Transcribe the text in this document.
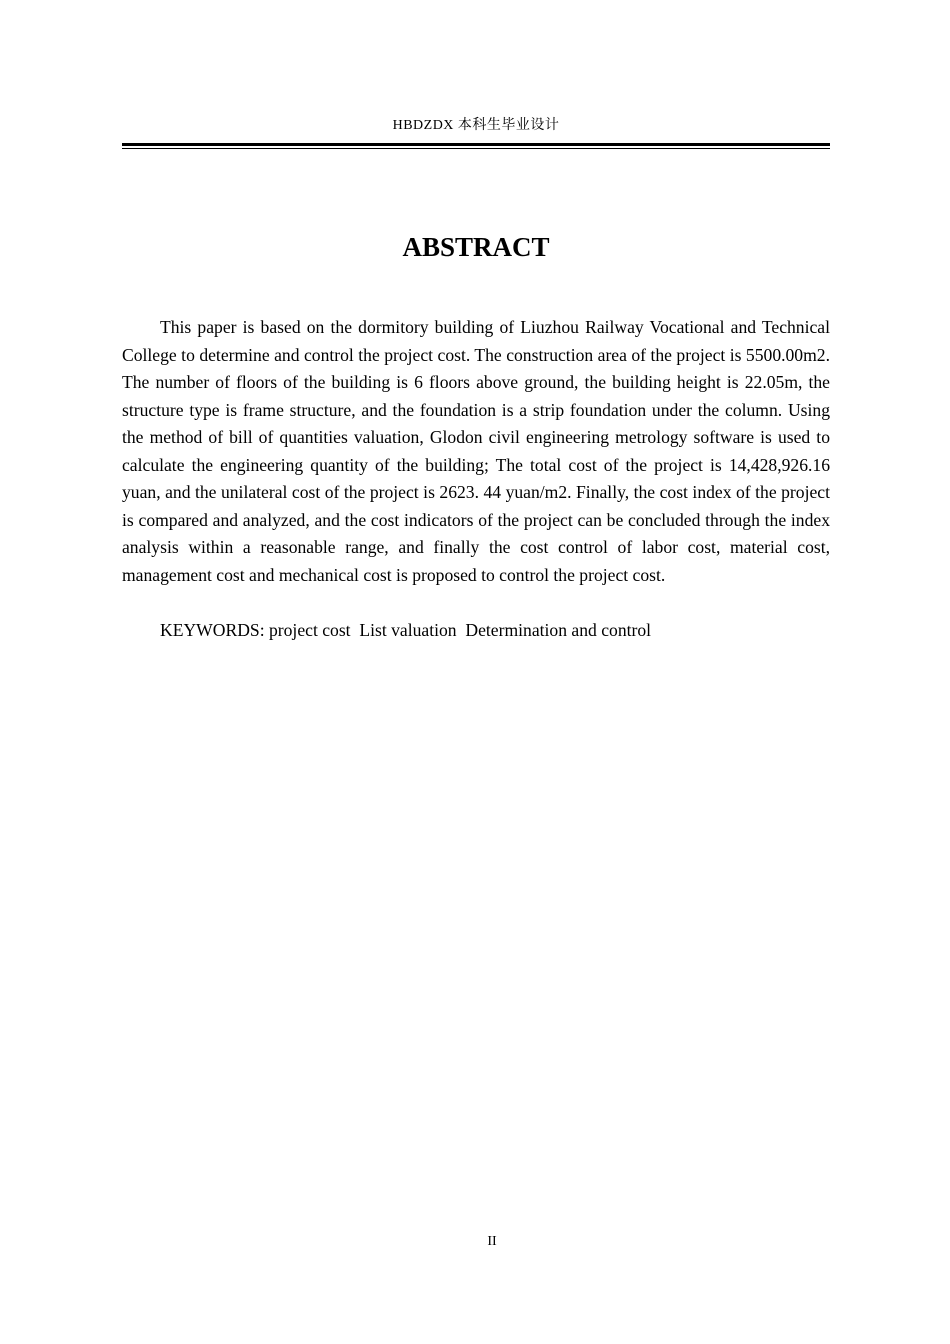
HBDZDX 本科生毕业设计
ABSTRACT

This paper is based on the dormitory building of Liuzhou Railway Vocational and Technical College to determine and control the project cost. The construction area of the project is 5500.00m2. The number of floors of the building is 6 floors above ground, the building height is 22.05m, the structure type is frame structure, and the foundation is a strip foundation under the column. Using the method of bill of quantities valuation, Glodon civil engineering metrology software is used to calculate the engineering quantity of the building; The total cost of the project is 14,428,926.16 yuan, and the unilateral cost of the project is 2623. 44 yuan/m2. Finally, the cost index of the project is compared and analyzed, and the cost indicators of the project can be concluded through the index analysis within a reasonable range, and finally the cost control of labor cost, material cost, management cost and mechanical cost is proposed to control the project cost.

KEYWORDS: project cost  List valuation  Determination and control

II
